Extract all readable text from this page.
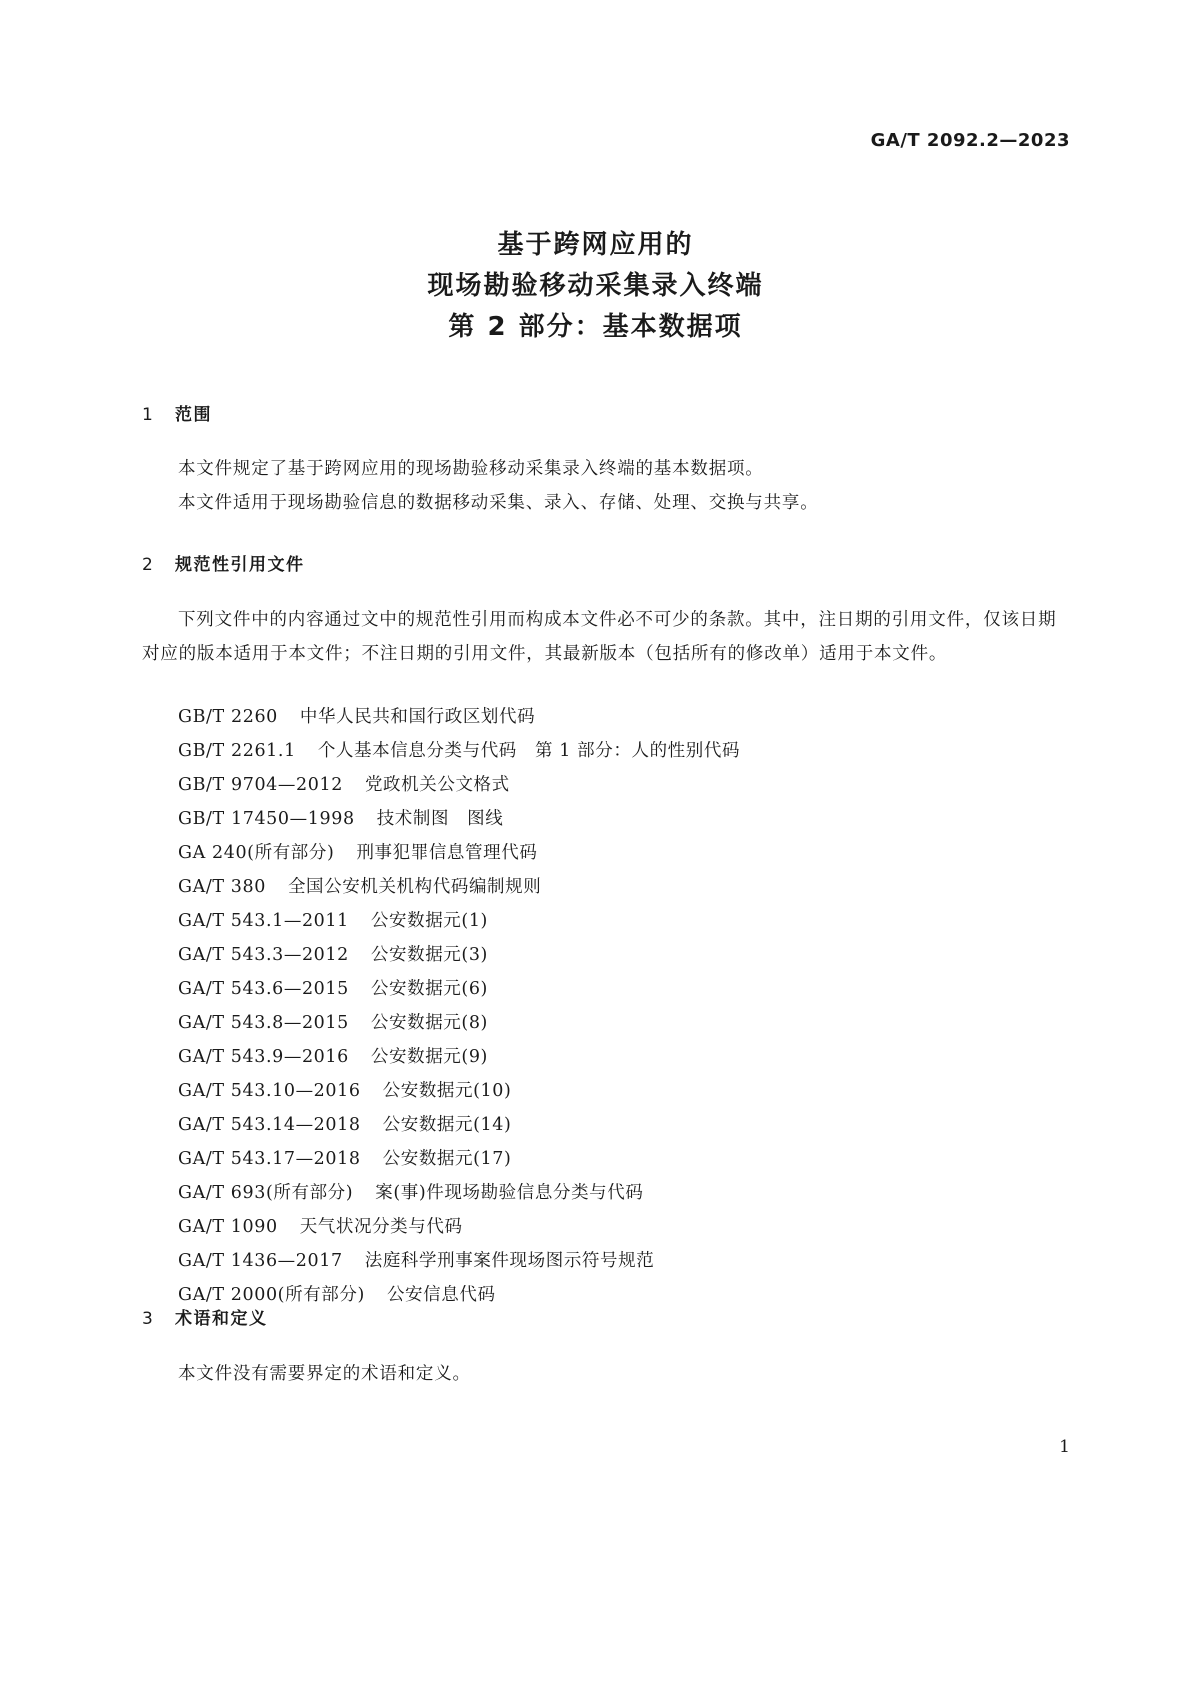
GA/T 2092.2—2023
基于跨网应用的
现场勘验移动采集录入终端
第 2 部分：基本数据项
1 范围
本文件规定了基于跨网应用的现场勘验移动采集录入终端的基本数据项。
本文件适用于现场勘验信息的数据移动采集、录入、存储、处理、交换与共享。
2 规范性引用文件
下列文件中的内容通过文中的规范性引用而构成本文件必不可少的条款。其中，注日期的引用文件，仅该日期对应的版本适用于本文件；不注日期的引用文件，其最新版本（包括所有的修改单）适用于本文件。
GB/T 2260 中华人民共和国行政区划代码
GB/T 2261.1 个人基本信息分类与代码　第 1 部分：人的性别代码
GB/T 9704—2012 党政机关公文格式
GB/T 17450—1998 技术制图　图线
GA 240(所有部分) 刑事犯罪信息管理代码
GA/T 380 全国公安机关机构代码编制规则
GA/T 543.1—2011 公安数据元(1)
GA/T 543.3—2012 公安数据元(3)
GA/T 543.6—2015 公安数据元(6)
GA/T 543.8—2015 公安数据元(8)
GA/T 543.9—2016 公安数据元(9)
GA/T 543.10—2016 公安数据元(10)
GA/T 543.14—2018 公安数据元(14)
GA/T 543.17—2018 公安数据元(17)
GA/T 693(所有部分) 案(事)件现场勘验信息分类与代码
GA/T 1090 天气状况分类与代码
GA/T 1436—2017 法庭科学刑事案件现场图示符号规范
GA/T 2000(所有部分) 公安信息代码
3 术语和定义
本文件没有需要界定的术语和定义。
1
